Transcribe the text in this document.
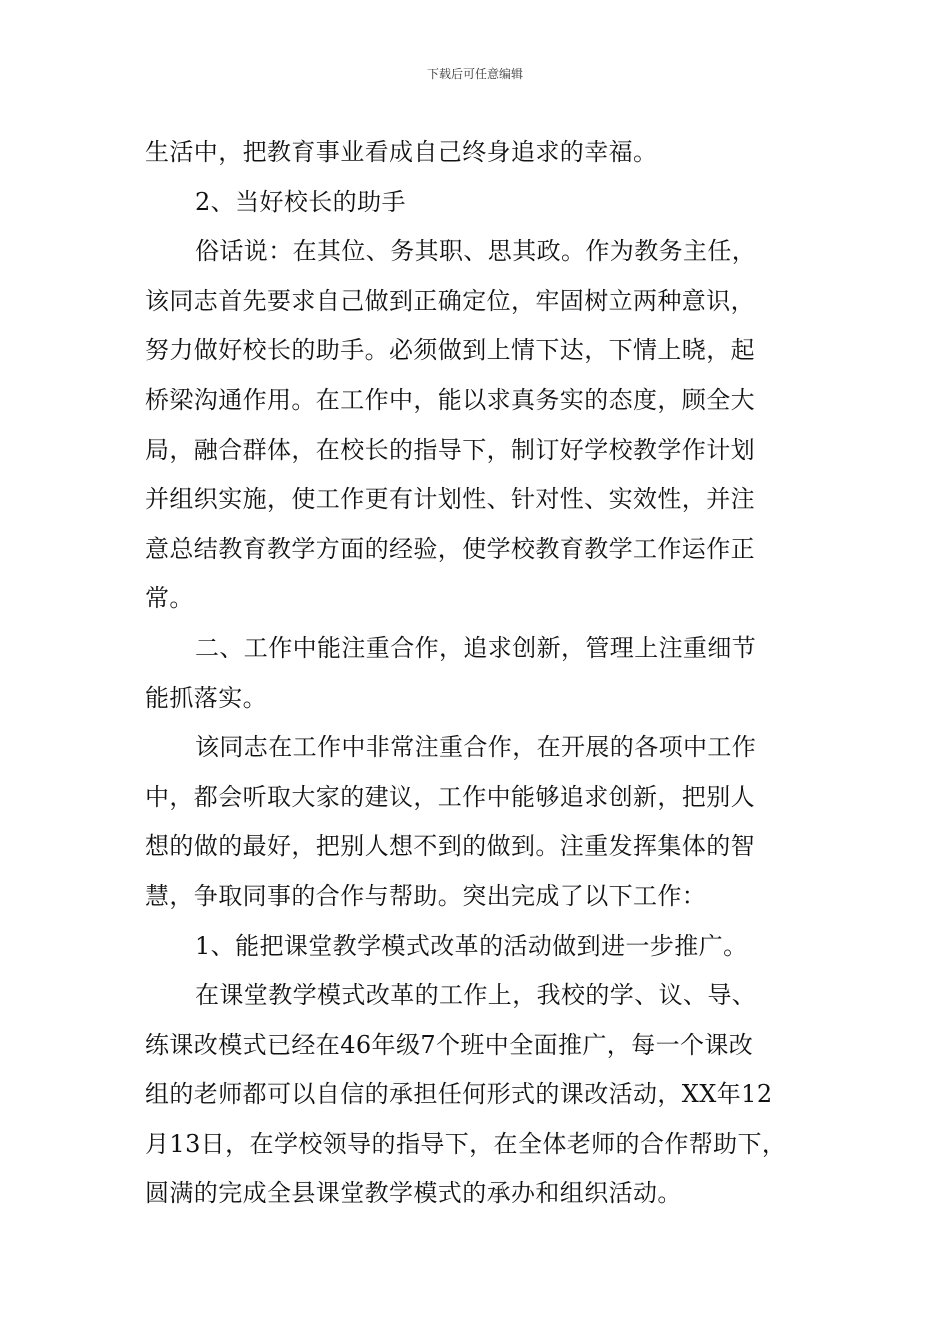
下载后可任意编辑
生活中，把教育事业看成自己终身追求的幸福。
2、当好校长的助手
俗话说：在其位、务其职、思其政。作为教务主任，
该同志首先要求自己做到正确定位，牢固树立两种意识，
努力做好校长的助手。必须做到上情下达，下情上晓，起
桥梁沟通作用。在工作中，能以求真务实的态度，顾全大
局，融合群体，在校长的指导下，制订好学校教学作计划
并组织实施，使工作更有计划性、针对性、实效性，并注
意总结教育教学方面的经验，使学校教育教学工作运作正
常。
二、工作中能注重合作，追求创新，管理上注重细节
能抓落实。
该同志在工作中非常注重合作，在开展的各项中工作
中，都会听取大家的建议，工作中能够追求创新，把别人
想的做的最好，把别人想不到的做到。注重发挥集体的智
慧，争取同事的合作与帮助。突出完成了以下工作：
1、能把课堂教学模式改革的活动做到进一步推广。
在课堂教学模式改革的工作上，我校的学、议、导、
练课改模式已经在46年级7个班中全面推广，每一个课改
组的老师都可以自信的承担任何形式的课改活动，XX年12
月13日，在学校领导的指导下，在全体老师的合作帮助下，
圆满的完成全县课堂教学模式的承办和组织活动。
